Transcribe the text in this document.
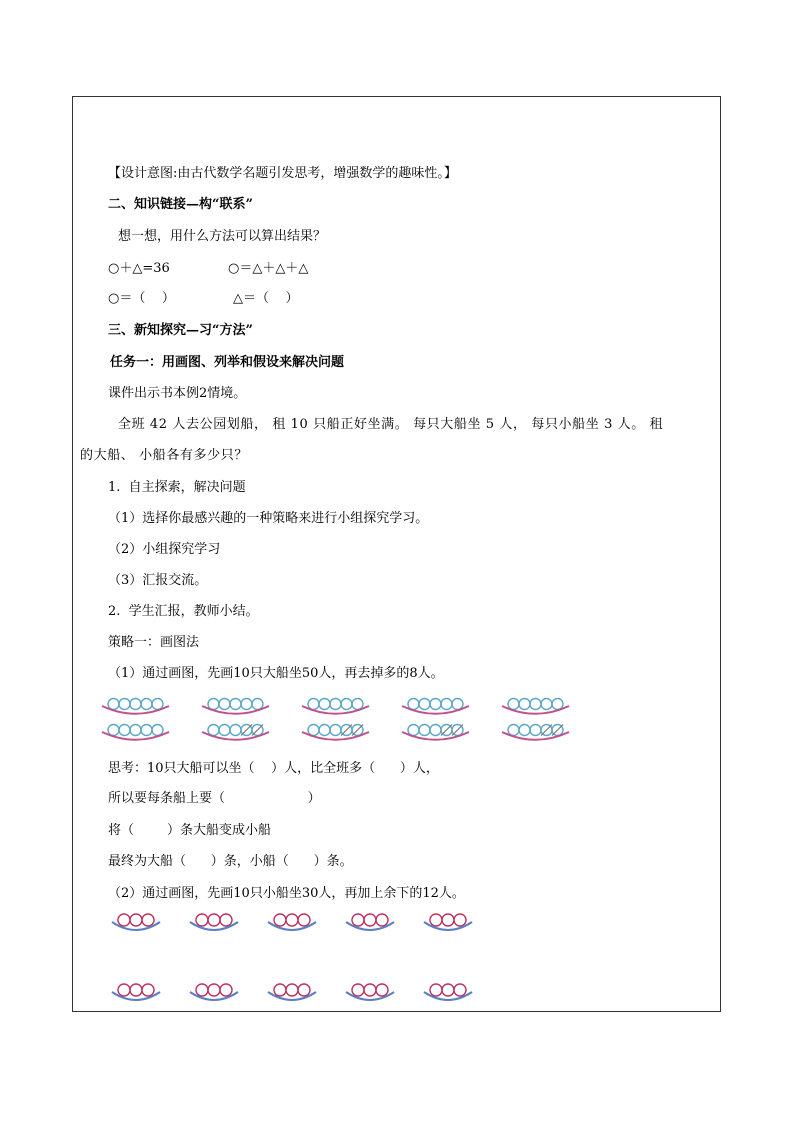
【设计意图:由古代数学名题引发思考，增强数学的趣味性。】
二、知识链接—构“联系”
想一想，用什么方法可以算出结果？
○＋△=36	○＝△＋△＋△
○＝（    ）	△＝（    ）
三、新知探究—习“方法”
任务一：用画图、列举和假设来解决问题
课件出示书本例2情境。
全班 42 人去公园划船， 租 10 只船正好坐满。 每只大船坐 5 人， 每只小船坐 3 人。 租
的大船、 小船各有多少只？
1.  自主探索，解决问题
（1）选择你最感兴趣的一种策略来进行小组探究学习。
（2）小组探究学习
（3）汇报交流。
2.  学生汇报，教师小结。
策略一：画图法
（1）通过画图，先画10只大船坐50人，再去掉多的8人。
思考：10只大船可以坐（    ）人，比全班多（      ）人，
所以要每条船上要（                    ）
将（        ）条大船变成小船
最终为大船（      ）条，小船（      ）条。
（2）通过画图，先画10只小船坐30人，再加上余下的12人。
